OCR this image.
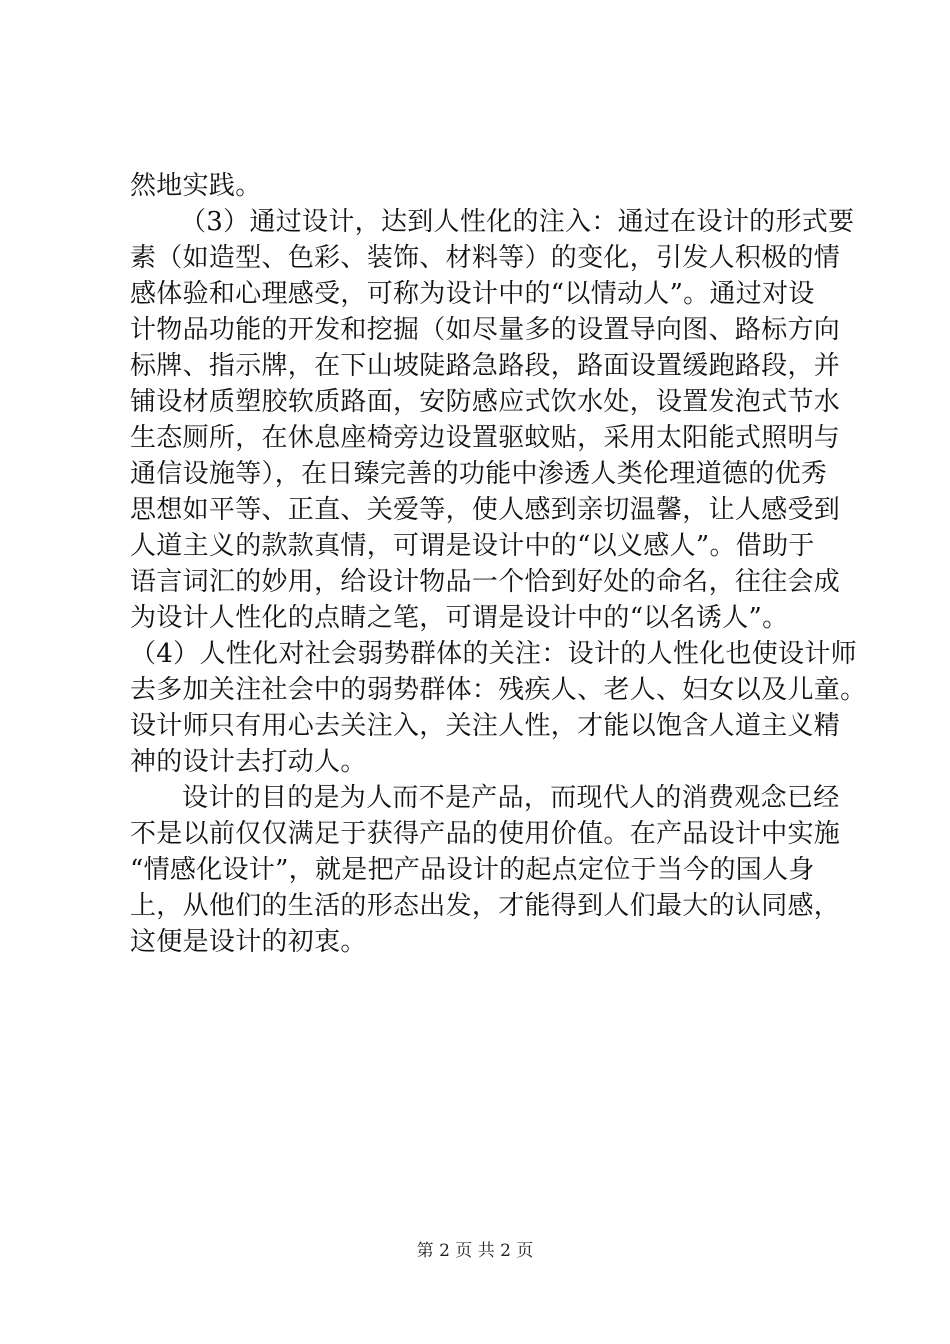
然地实践。
（3）通过设计，达到人性化的注入：通过在设计的形式要
素（如造型、色彩、装饰、材料等）的变化，引发人积极的情
感体验和心理感受，可称为设计中的“以情动人”。通过对设
计物品功能的开发和挖掘（如尽量多的设置导向图、路标方向
标牌、指示牌，在下山坡陡路急路段，路面设置缓跑路段，并
铺设材质塑胶软质路面，安防感应式饮水处，设置发泡式节水
生态厕所，在休息座椅旁边设置驱蚊贴，采用太阳能式照明与
通信设施等），在日臻完善的功能中渗透人类伦理道德的优秀
思想如平等、正直、关爱等，使人感到亲切温馨，让人感受到
人道主义的款款真情，可谓是设计中的“以义感人”。借助于
语言词汇的妙用，给设计物品一个恰到好处的命名，往往会成
为设计人性化的点睛之笔，可谓是设计中的“以名诱人”。
（4）人性化对社会弱势群体的关注：设计的人性化也使设计师
去多加关注社会中的弱势群体：残疾人、老人、妇女以及儿童。
设计师只有用心去关注入，关注人性，才能以饱含人道主义精
神的设计去打动人。
设计的目的是为人而不是产品，而现代人的消费观念已经
不是以前仅仅满足于获得产品的使用价值。在产品设计中实施
“情感化设计”，就是把产品设计的起点定位于当今的国人身
上，从他们的生活的形态出发，才能得到人们最大的认同感，
这便是设计的初衷。
第 2 页 共 2 页
